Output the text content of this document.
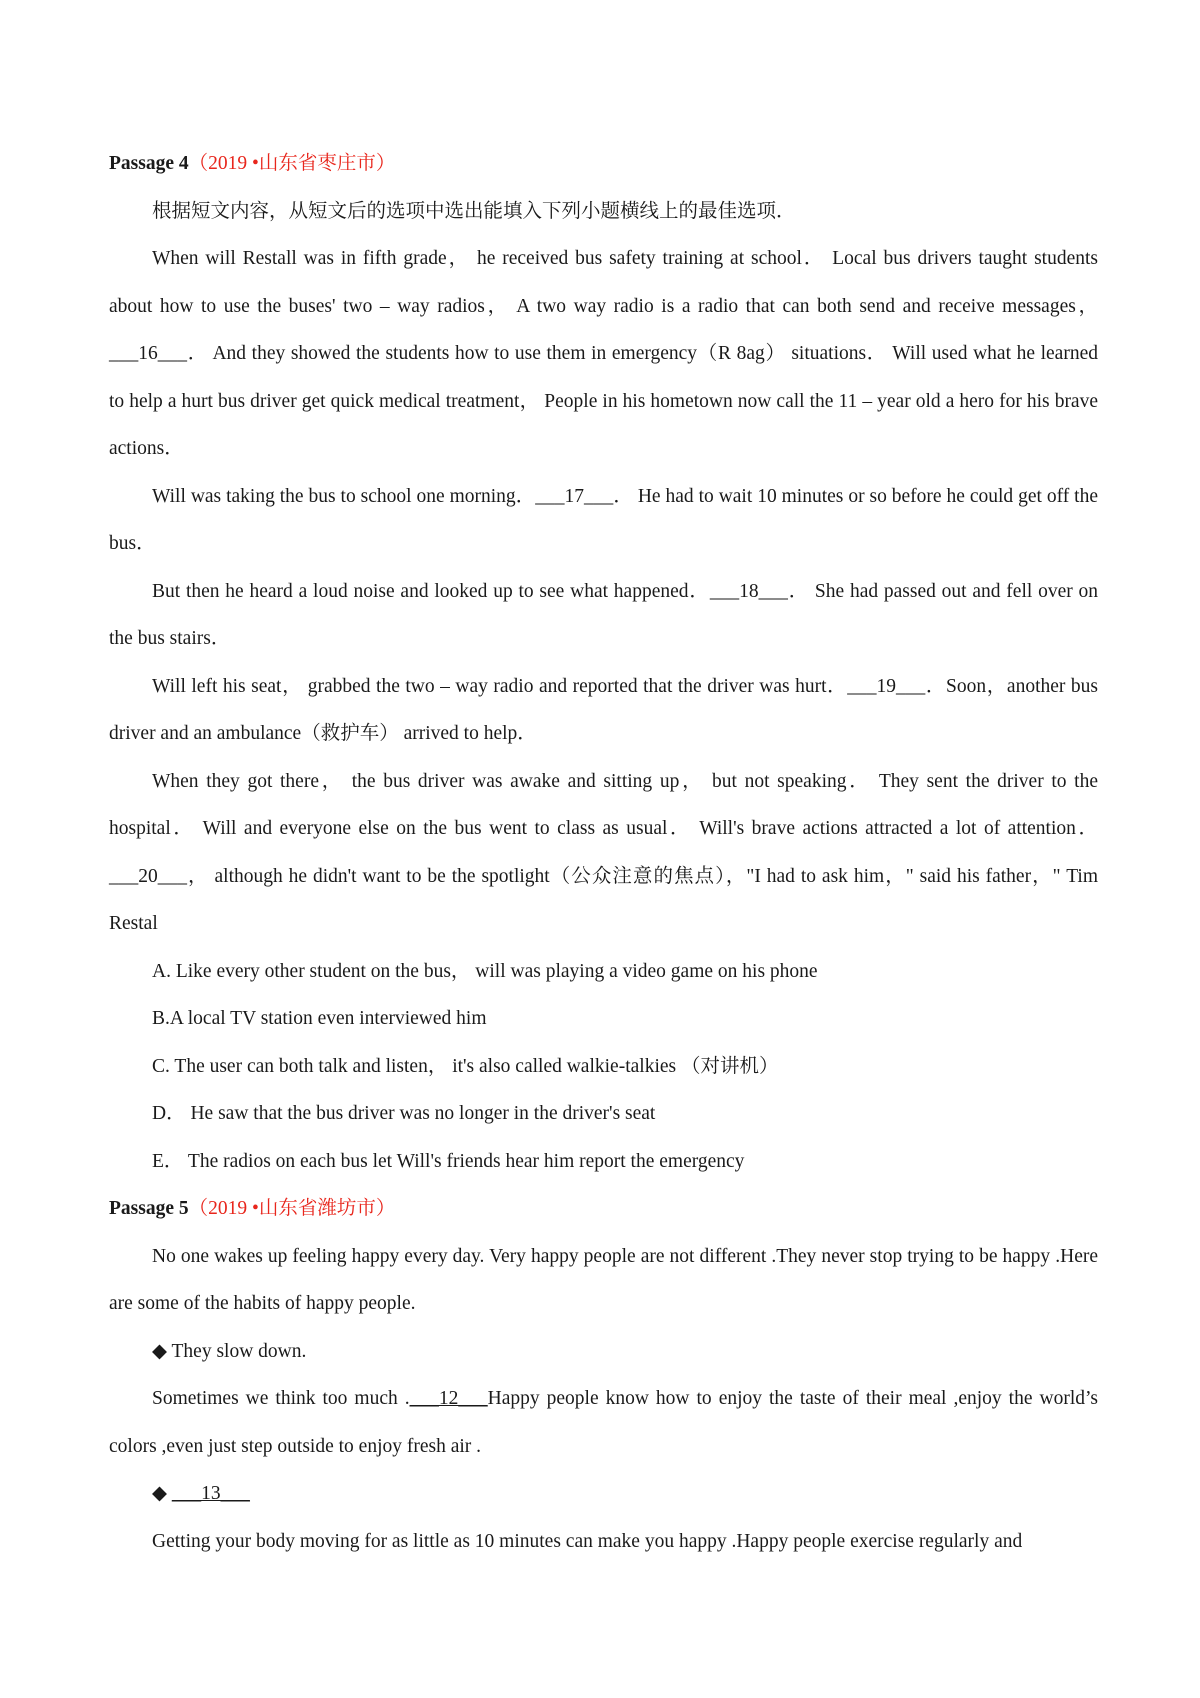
Passage 4（2019 •山东省枣庄市）

根据短文内容，从短文后的选项中选出能填入下列小题横线上的最佳选项．

When will Restall was in fifth grade， he received bus safety training at school． Local bus drivers taught students about how to use the buses' two – way radios， A two way radio is a radio that can both send and receive messages，___16___． And they showed the students how to use them in emergency（R 8ag） situations． Will used what he learned to help a hurt bus driver get quick medical treatment， People in his hometown now call the 11 – year old a hero for his brave actions．

Will was taking the bus to school one morning．___17___． He had to wait 10 minutes or so before he could get off the bus．

But then he heard a loud noise and looked up to see what happened．___18___． She had passed out and fell over on the bus stairs．

Will left his seat， grabbed the two – way radio and reported that the driver was hurt．___19___．Soon，another bus driver and an ambulance（救护车） arrived to help．

When they got there， the bus driver was awake and sitting up， but not speaking． They sent the driver to the hospital． Will and everyone else on the bus went to class as usual． Will's brave actions attracted a lot of attention．___20___， although he didn't want to be the spotlight（公众注意的焦点），"I had to ask him，" said his father，" Tim Restal

A. Like every other student on the bus， will was playing a video game on his phone

B.A local TV station even interviewed him

C. The user can both talk and listen， it's also called walkie-talkies （对讲机）

D． He saw that the bus driver was no longer in the driver's seat

E． The radios on each bus let Will's friends hear him report the emergency

Passage 5（2019 •山东省潍坊市）

No one wakes up feeling happy every day. Very happy people are not different .They never stop trying to be happy .Here are some of the habits of happy people.

◆ They slow down.

Sometimes we think too much .___12___Happy people know how to enjoy the taste of their meal ,enjoy the world’s colors ,even just step outside to enjoy fresh air .

◆ ___13___

Getting your body moving for as little as 10 minutes can make you happy .Happy people exercise regularly and
